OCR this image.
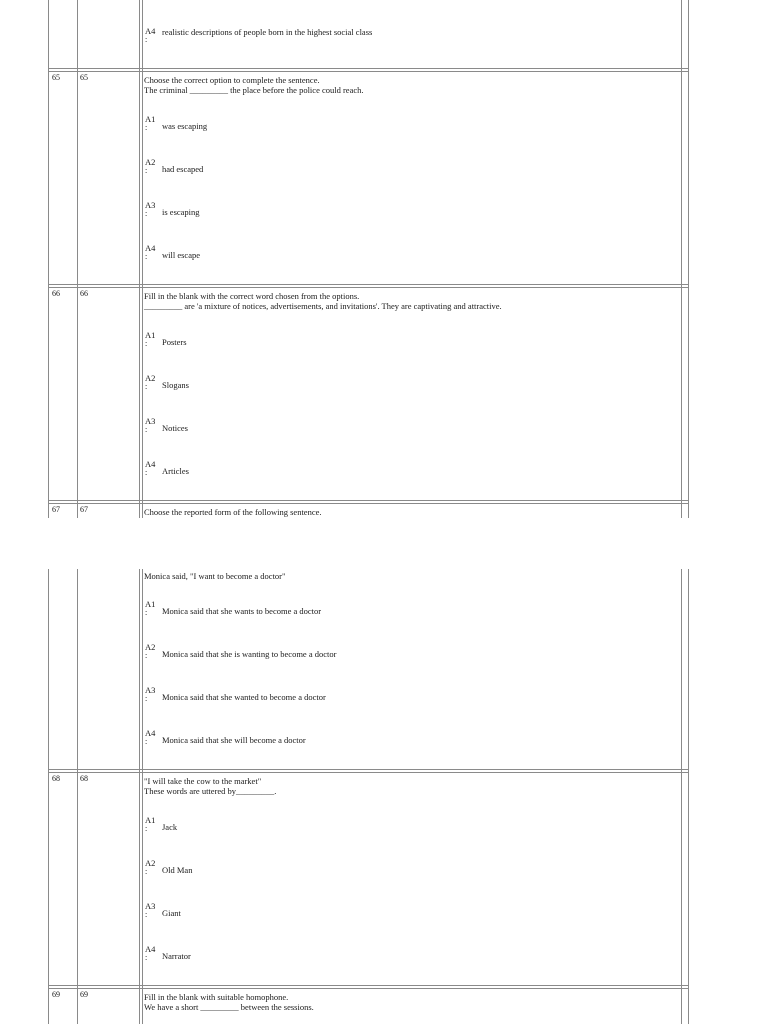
A4
:
realistic descriptions of people born in the highest social class
65	65	Choose the correct option to complete the sentence.
The criminal _________ the place before the police could reach.
A1
:	was escaping
A2
:	had escaped
A3
:	is escaping
A4
:	will escape
66	66	Fill in the blank with the correct word chosen from the options.
_________ are 'a mixture of notices, advertisements, and invitations'. They are captivating and attractive.
A1
:	Posters
A2
:	Slogans
A3
:	Notices
A4
:	Articles
67	67	Choose the reported form of the following sentence.
Monica said, "I want to become a doctor"
A1
:	Monica said that she wants to become a doctor
A2
:	Monica said that she is wanting to become a doctor
A3
:	Monica said that she wanted to become a doctor
A4
:	Monica said that she will become a doctor
68	68	"I will take the cow to the market"
These words are uttered by_________.
A1
:	Jack
A2
:	Old Man
A3
:	Giant
A4
:	Narrator
69	69	Fill in the blank with suitable homophone.
We have a short _________ between the sessions.
